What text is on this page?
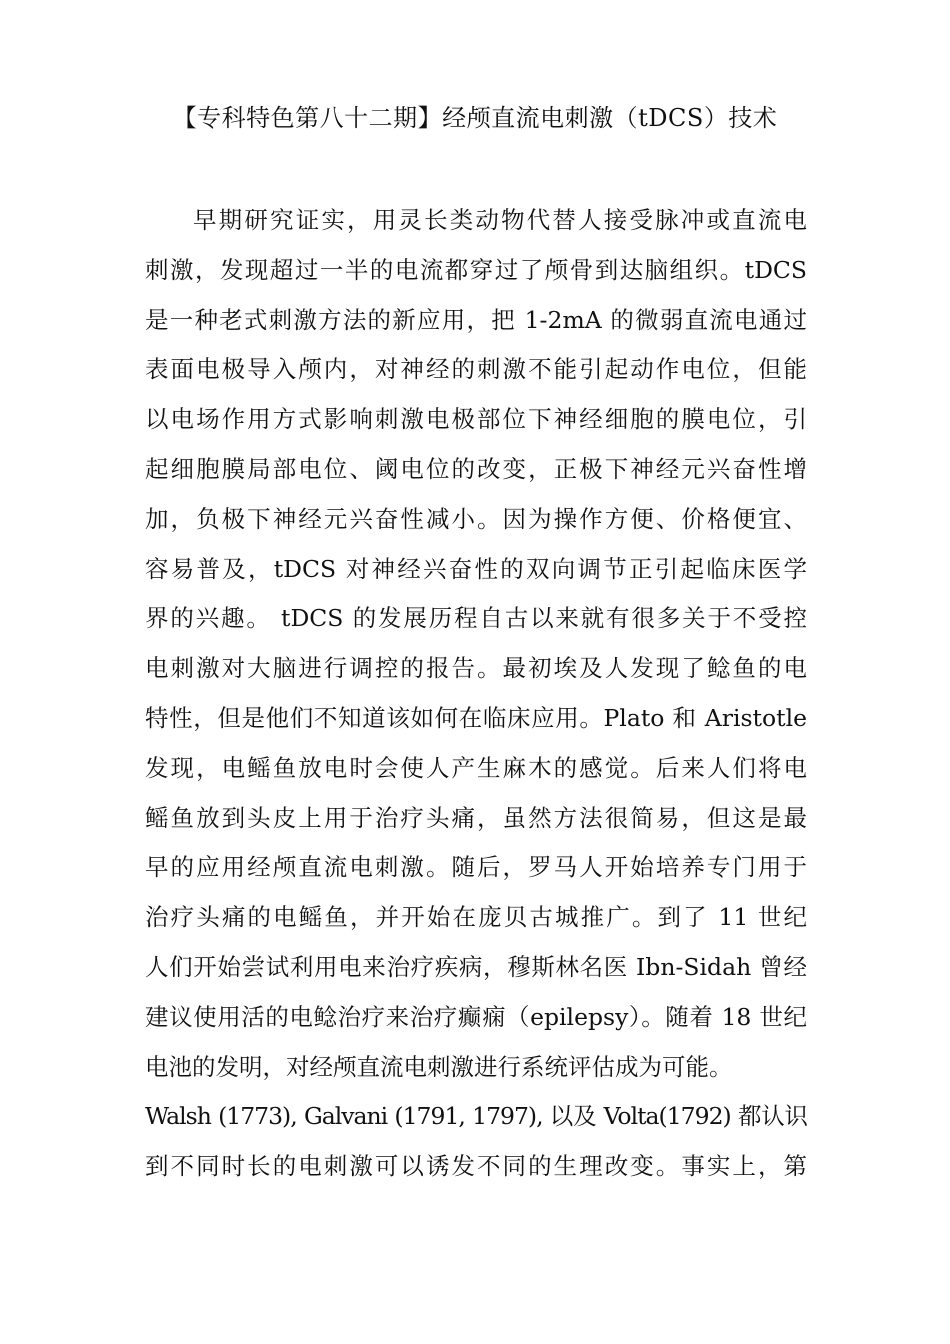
【专科特色第八十二期】经颅直流电刺激（tDCS）技术
早期研究证实，用灵长类动物代替人接受脉冲或直流电
刺激，发现超过一半的电流都穿过了颅骨到达脑组织。tDCS
是一种老式刺激方法的新应用，把 1-2mA 的微弱直流电通过
表面电极导入颅内，对神经的刺激不能引起动作电位，但能
以电场作用方式影响刺激电极部位下神经细胞的膜电位，引
起细胞膜局部电位、阈电位的改变，正极下神经元兴奋性增
加，负极下神经元兴奋性减小。因为操作方便、价格便宜、
容易普及，tDCS 对神经兴奋性的双向调节正引起临床医学
界的兴趣。 tDCS 的发展历程自古以来就有很多关于不受控
电刺激对大脑进行调控的报告。最初埃及人发现了鲶鱼的电
特性，但是他们不知道该如何在临床应用。Plato 和 Aristotle
发现，电鳐鱼放电时会使人产生麻木的感觉。后来人们将电
鳐鱼放到头皮上用于治疗头痛，虽然方法很简易，但这是最
早的应用经颅直流电刺激。随后，罗马人开始培养专门用于
治疗头痛的电鳐鱼，并开始在庞贝古城推广。到了 11 世纪
人们开始尝试利用电来治疗疾病，穆斯林名医 Ibn-Sidah 曾经
建议使用活的电鲶治疗来治疗癫痫（epilepsy）。随着 18 世纪
电池的发明，对经颅直流电刺激进行系统评估成为可能。
Walsh (1773), Galvani (1791, 1797), 以及 Volta(1792) 都认识
到不同时长的电刺激可以诱发不同的生理改变。事实上，第
